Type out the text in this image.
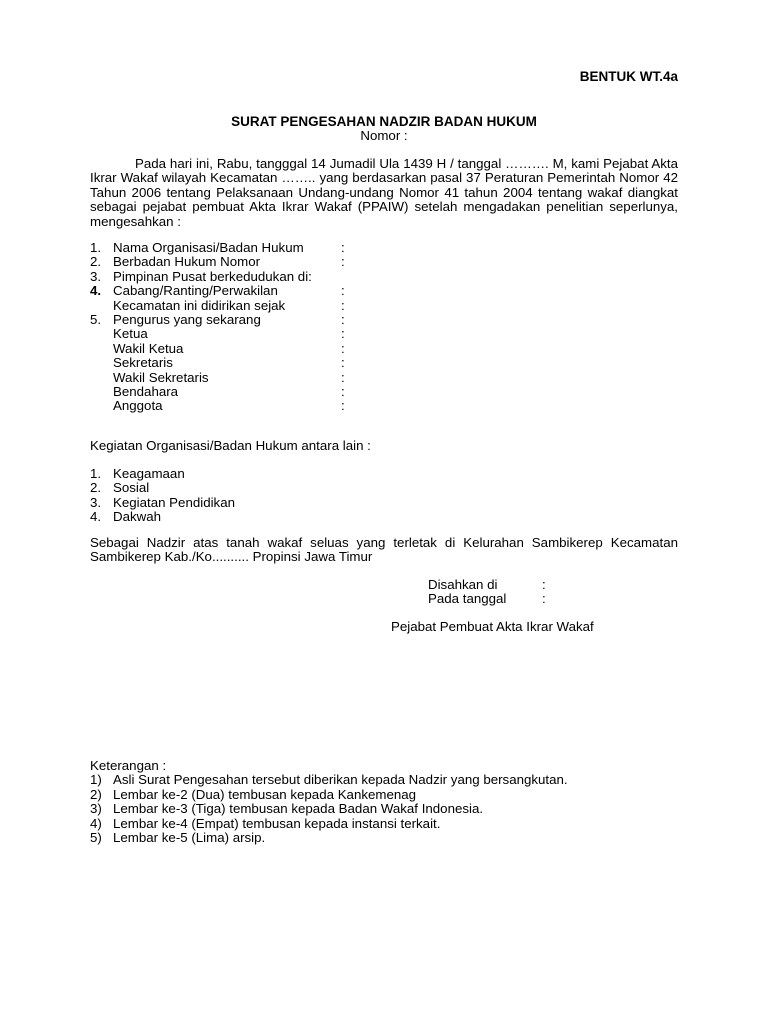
BENTUK WT.4a
SURAT PENGESAHAN NADZIR BADAN HUKUM
Nomor :
Pada hari ini, Rabu, tangggal 14 Jumadil Ula 1439 H / tanggal ………. M, kami Pejabat Akta Ikrar Wakaf wilayah Kecamatan …….. yang berdasarkan pasal 37 Peraturan Pemerintah Nomor 42 Tahun 2006 tentang Pelaksanaan Undang-undang Nomor 41 tahun 2004 tentang wakaf diangkat sebagai pejabat pembuat Akta Ikrar Wakaf (PPAIW) setelah mengadakan penelitian seperlunya, mengesahkan :
1. Nama Organisasi/Badan Hukum	:
2. Berbadan Hukum Nomor	:
3. Pimpinan Pusat berkedudukan di:
4. Cabang/Ranting/Perwakilan	:
Kecamatan ini didirikan sejak	:
5. Pengurus yang sekarang	:
Ketua	:
Wakil Ketua	:
Sekretaris	:
Wakil Sekretaris	:
Bendahara	:
Anggota	:
Kegiatan Organisasi/Badan Hukum antara lain :
1. Keagamaan
2. Sosial
3. Kegiatan Pendidikan
4. Dakwah
Sebagai Nadzir atas tanah wakaf seluas yang terletak di Kelurahan Sambikerep Kecamatan Sambikerep Kab./Ko.......... Propinsi Jawa Timur
Disahkan di	:
Pada tanggal	:
Pejabat Pembuat Akta Ikrar Wakaf
Keterangan :
1) Asli Surat Pengesahan tersebut diberikan kepada Nadzir yang bersangkutan.
2) Lembar ke-2 (Dua) tembusan kepada Kankemenag
3) Lembar ke-3 (Tiga) tembusan kepada Badan Wakaf Indonesia.
4) Lembar ke-4 (Empat) tembusan kepada instansi terkait.
5) Lembar ke-5 (Lima) arsip.
